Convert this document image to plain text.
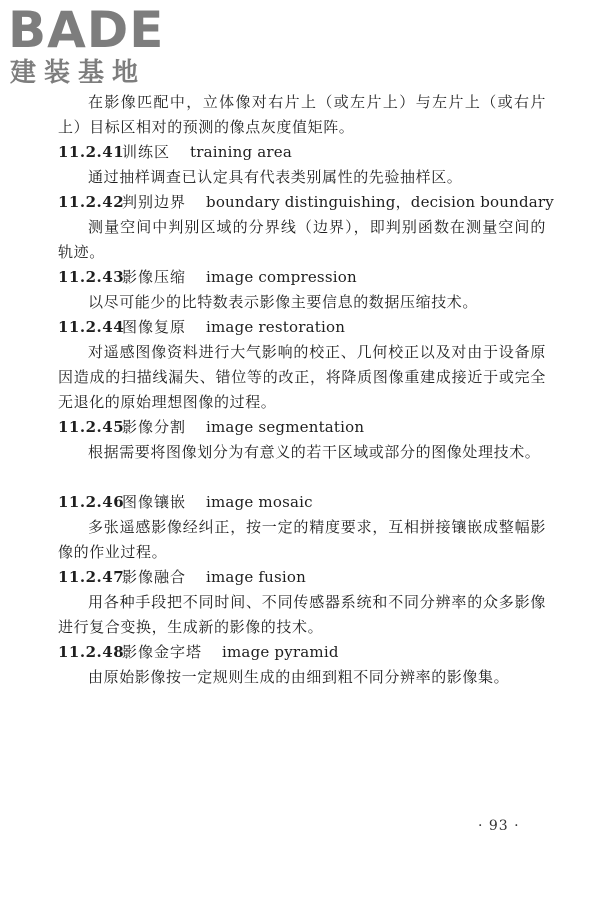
BADE
建装基地

在影像匹配中，立体像对右片上（或左片上）与左片上（或右片上）目标区相对的预测的像点灰度值矩阵。

11.2.41训练区 training area

通过抽样调查已认定具有代表类别属性的先验抽样区。

11.2.42判别边界 boundary distinguishing，decision boundary

测量空间中判别区域的分界线（边界），即判别函数在测量空间的轨迹。

11.2.43影像压缩 image compression

以尽可能少的比特数表示影像主要信息的数据压缩技术。

11.2.44图像复原 image restoration

对遥感图像资料进行大气影响的校正、几何校正以及对由于设备原因造成的扫描线漏失、错位等的改正，将降质图像重建成接近于或完全无退化的原始理想图像的过程。

11.2.45影像分割 image segmentation

根据需要将图像划分为有意义的若干区域或部分的图像处理技术。

11.2.46图像镶嵌 image mosaic

多张遥感影像经纠正，按一定的精度要求，互相拼接镶嵌成整幅影像的作业过程。

11.2.47影像融合 image fusion

用各种手段把不同时间、不同传感器系统和不同分辨率的众多影像进行复合变换，生成新的影像的技术。

11.2.48影像金字塔 image pyramid

由原始影像按一定规则生成的由细到粗不同分辨率的影像集。

· 93 ·
